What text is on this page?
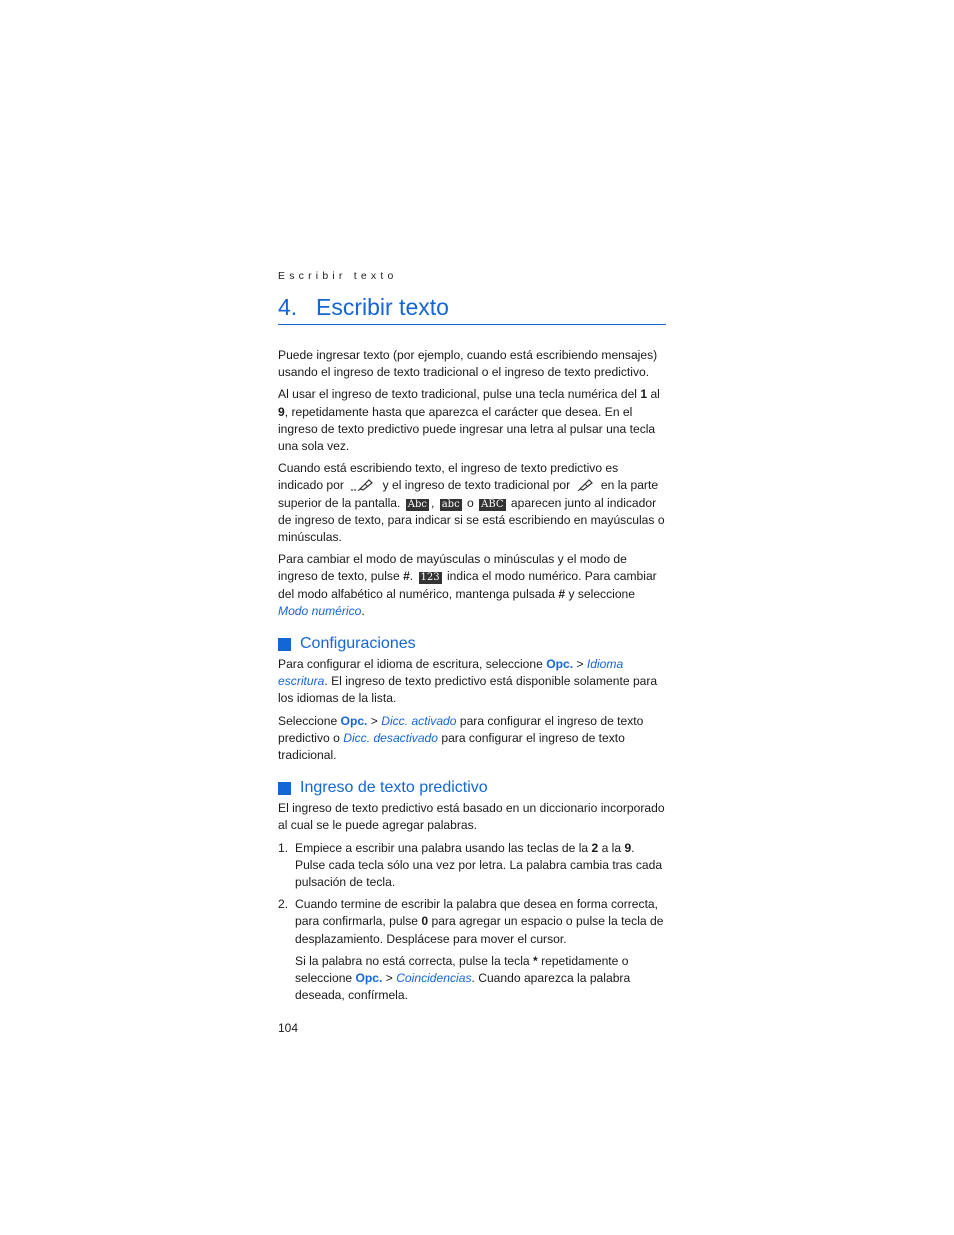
Escribir texto
4. Escribir texto

Puede ingresar texto (por ejemplo, cuando está escribiendo mensajes) usando el ingreso de texto tradicional o el ingreso de texto predictivo.

Al usar el ingreso de texto tradicional, pulse una tecla numérica del 1 al 9, repetidamente hasta que aparezca el carácter que desea. En el ingreso de texto predictivo puede ingresar una letra al pulsar una tecla una sola vez.

Cuando está escribiendo texto, el ingreso de texto predictivo es indicado por	y el ingreso de texto tradicional por  en la parte superior de la pantalla. Abc , abc o ABC aparecen junto al indicador de ingreso de texto, para indicar si se está escribiendo en mayúsculas o minúsculas.

Para cambiar el modo de mayúsculas o minúsculas y el modo de ingreso de texto, pulse #. 123 indica el modo numérico. Para cambiar del modo alfabético al numérico, mantenga pulsada # y seleccione Modo numérico.

Configuraciones

Para configurar el idioma de escritura, seleccione Opc. > Idioma escritura. El ingreso de texto predictivo está disponible solamente para los idiomas de la lista.

Seleccione Opc. > Dicc. activado para configurar el ingreso de texto predictivo o Dicc. desactivado para configurar el ingreso de texto tradicional.

Ingreso de texto predictivo

El ingreso de texto predictivo está basado en un diccionario incorporado al cual se le puede agregar palabras.

1. Empiece a escribir una palabra usando las teclas de la 2 a la 9. Pulse cada tecla sólo una vez por letra. La palabra cambia tras cada pulsación de tecla.

2. Cuando termine de escribir la palabra que desea en forma correcta, para confirmarla, pulse 0 para agregar un espacio o pulse la tecla de desplazamiento. Desplácese para mover el cursor.

Si la palabra no está correcta, pulse la tecla * repetidamente o seleccione Opc. > Coincidencias. Cuando aparezca la palabra deseada, confírmela.

104
